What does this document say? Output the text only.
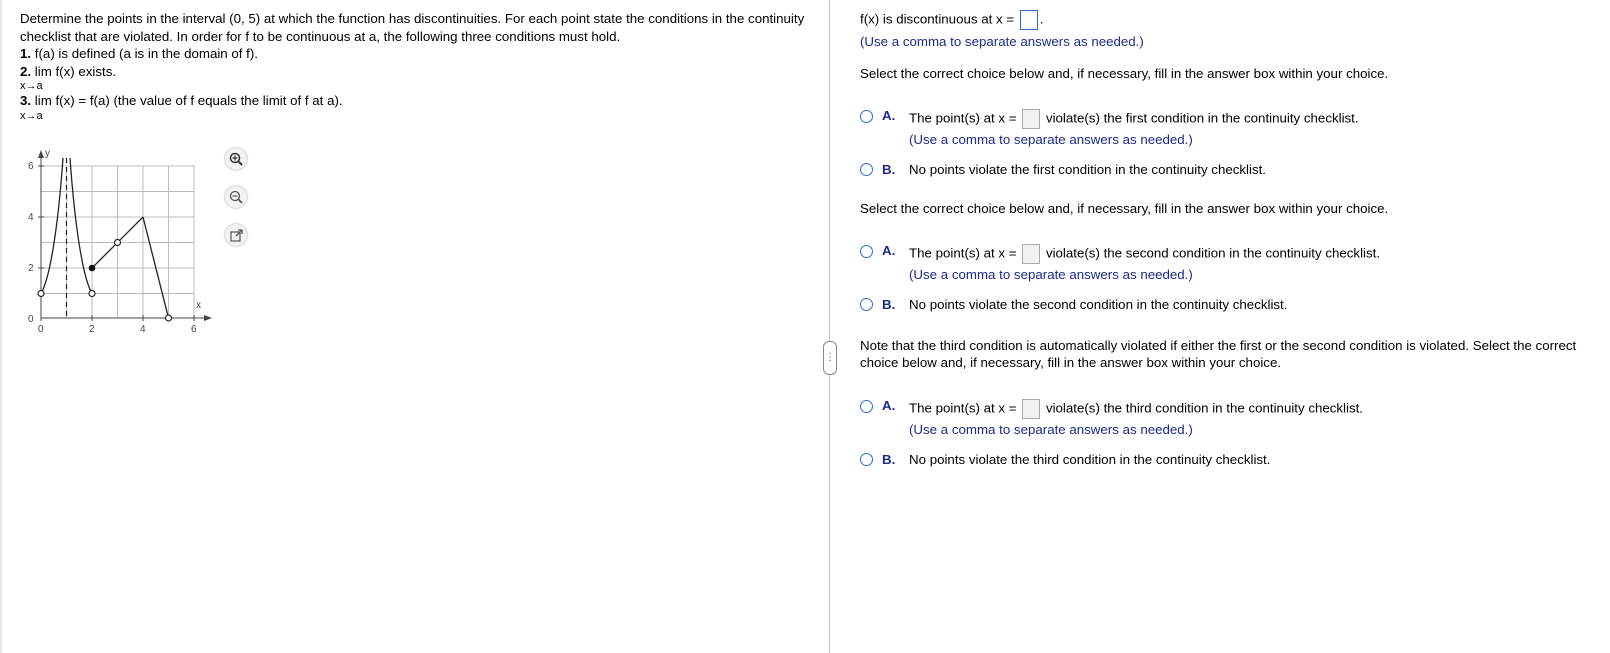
Determine the points in the interval (0, 5) at which the function has discontinuities. For each point state the conditions in the continuity checklist that are violated. In order for f to be continuous at a, the following three conditions must hold.

1. f(a) is defined (a is in the domain of f).

2. lim f(x) exists.

x→a

3. lim f(x) = f(a) (the value of f equals the limit of f at a).

x→a

0	2	4	6
0
2
4
6
x
y
⋮
f(x) is discontinuous at x = .
(Use a comma to separate answers as needed.)
Select the correct choice below and, if necessary, fill in the answer box within your choice.
A. The point(s) at x = violate(s) the first condition in the continuity checklist.
(Use a comma to separate answers as needed.)
B. No points violate the first condition in the continuity checklist.
Select the correct choice below and, if necessary, fill in the answer box within your choice.
A. The point(s) at x = violate(s) the second condition in the continuity checklist.
(Use a comma to separate answers as needed.)
B. No points violate the second condition in the continuity checklist.
Note that the third condition is automatically violated if either the first or the second condition is violated. Select the correct choice below and, if necessary, fill in the answer box within your choice.
A. The point(s) at x = violate(s) the third condition in the continuity checklist.
(Use a comma to separate answers as needed.)
B. No points violate the third condition in the continuity checklist.
